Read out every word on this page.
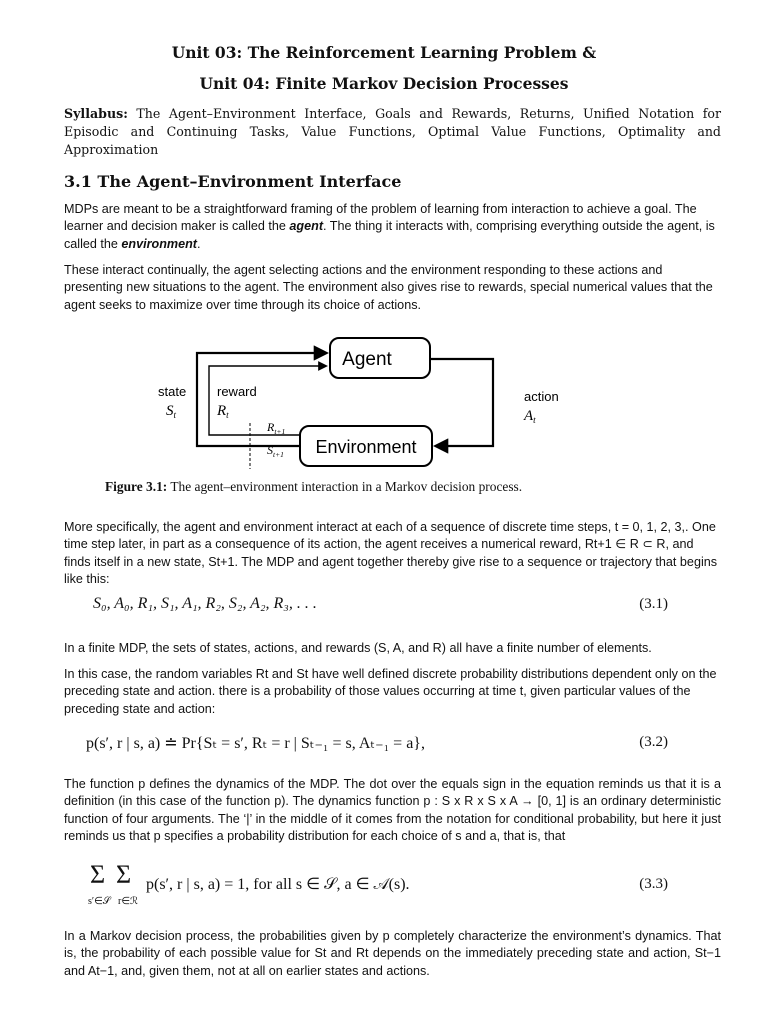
Unit 03: The Reinforcement Learning Problem &
Unit 04: Finite Markov Decision Processes

Syllabus: The Agent–Environment Interface, Goals and Rewards, Returns, Unified Notation for Episodic and Continuing Tasks, Value Functions, Optimal Value Functions, Optimality and Approximation

3.1 The Agent–Environment Interface

MDPs are meant to be a straightforward framing of the problem of learning from interaction to achieve a goal. The learner and decision maker is called the agent. The thing it interacts with, comprising everything outside the agent, is called the environment.

These interact continually, the agent selecting actions and the environment responding to these actions and presenting new situations to the agent. The environment also gives rise to rewards, special numerical values that the agent seeks to maximize over time through its choice of actions.

Agent
Environment
state
$S_t$
reward
$R_t$
action
$A_t$
$R_{t+1}$
$S_{t+1}$
Figure 3.1: The agent–environment interaction in a Markov decision process.

More specifically, the agent and environment interact at each of a sequence of discrete time steps, t = 0, 1, 2, 3,. One time step later, in part as a consequence of its action, the agent receives a numerical reward, Rt+1 ∈ R ⊂ R, and finds itself in a new state, St+1. The MDP and agent together thereby give rise to a sequence or trajectory that begins like this:

S₀, A₀, R₁, S₁, A₁, R₂, S₂, A₂, R₃, . . .	(3.1)

In a finite MDP, the sets of states, actions, and rewards (S, A, and R) all have a finite number of elements.

In this case, the random variables Rt and St have well defined discrete probability distributions dependent only on the preceding state and action. there is a probability of those values occurring at time t, given particular values of the preceding state and action:

p(s′, r | s, a) ≐ Pr{Sₜ = s′, Rₜ = r | Sₜ₋₁ = s, Aₜ₋₁ = a},	(3.2)

The function p defines the dynamics of the MDP. The dot over the equals sign in the equation reminds us that it is a definition (in this case of the function p). The dynamics function p : S x R x S x A → [0, 1] is an ordinary deterministic function of four arguments. The ‘|’ in the middle of it comes from the notation for conditional probability, but here it just reminds us that p specifies a probability distribution for each choice of s and a, that is, that

Σ Σ
s′∈𝒮 r∈ℛ
p(s′, r | s, a) = 1, for all s ∈ 𝒮, a ∈ 𝒜(s).	(3.3)

In a Markov decision process, the probabilities given by p completely characterize the environment’s dynamics. That is, the probability of each possible value for St and Rt depends on the immediately preceding state and action, St−1 and At−1, and, given them, not at all on earlier states and actions.
